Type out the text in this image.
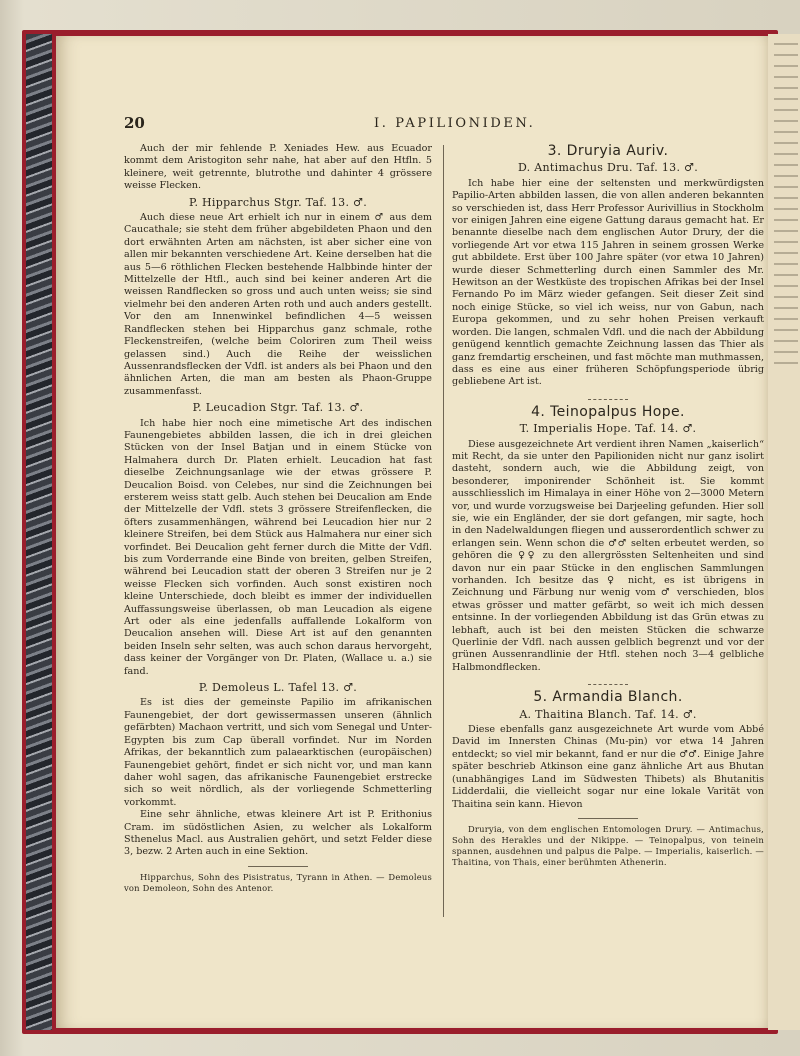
20	I. PAPILIONIDEN.

Auch der mir fehlende P. Xeniades Hew. aus Ecuador kommt dem Aristogiton sehr nahe, hat aber auf den Htfln. 5 kleinere, weit getrennte, blutrothe und dahinter 4 grössere weisse Flecken.

P. Hipparchus Stgr. Taf. 13. ♂.

Auch diese neue Art erhielt ich nur in einem ♂ aus dem Caucathale; sie steht dem früher abgebildeten Phaon und den dort erwähnten Arten am nächsten, ist aber sicher eine von allen mir bekannten verschiedene Art. Keine derselben hat die aus 5—6 röthlichen Flecken bestehende Halbbinde hinter der Mittelzelle der Htfl., auch sind bei keiner anderen Art die weissen Randflecken so gross und auch unten weiss; sie sind vielmehr bei den anderen Arten roth und auch anders gestellt. Vor den am Innenwinkel befindlichen 4—5 weissen Randflecken stehen bei Hipparchus ganz schmale, rothe Fleckenstreifen, (welche beim Coloriren zum Theil weiss gelassen sind.) Auch die Reihe der weisslichen Aussenrandsflecken der Vdfl. ist anders als bei Phaon und den ähnlichen Arten, die man am besten als Phaon-Gruppe zusammenfasst.

P. Leucadion Stgr. Taf. 13. ♂.

Ich habe hier noch eine mimetische Art des indischen Faunengebietes abbilden lassen, die ich in drei gleichen Stücken von der Insel Batjan und in einem Stücke von Halmahera durch Dr. Platen erhielt. Leucadion hat fast dieselbe Zeichnungsanlage wie der etwas grössere P. Deucalion Boisd. von Celebes, nur sind die Zeichnungen bei ersterem weiss statt gelb. Auch stehen bei Deucalion am Ende der Mittelzelle der Vdfl. stets 3 grössere Streifenflecken, die öfters zusammenhängen, während bei Leucadion hier nur 2 kleinere Streifen, bei dem Stück aus Halmahera nur einer sich vorfindet. Bei Deucalion geht ferner durch die Mitte der Vdfl. bis zum Vorderrande eine Binde von breiten, gelben Streifen, während bei Leucadion statt der oberen 3 Streifen nur je 2 weisse Flecken sich vorfinden. Auch sonst existiren noch kleine Unterschiede, doch bleibt es immer der individuellen Auffassungsweise überlassen, ob man Leucadion als eigene Art oder als eine jedenfalls auffallende Lokalform von Deucalion ansehen will. Diese Art ist auf den genannten beiden Inseln sehr selten, was auch schon daraus hervorgeht, dass keiner der Vorgänger von Dr. Platen, (Wallace u. a.) sie fand.

P. Demoleus L. Tafel 13. ♂.

Es ist dies der gemeinste Papilio im afrikanischen Faunengebiet, der dort gewissermassen unseren (ähnlich gefärbten) Machaon vertritt, und sich vom Senegal und Unter-Egypten bis zum Cap überall vorfindet. Nur im Norden Afrikas, der bekanntlich zum palaearktischen (europäischen) Faunengebiet gehört, findet er sich nicht vor, und man kann daher wohl sagen, das afrikanische Faunengebiet erstrecke sich so weit nördlich, als der vorliegende Schmetterling vorkommt.

Eine sehr ähnliche, etwas kleinere Art ist P. Erithonius Cram. im südöstlichen Asien, zu welcher als Lokalform Sthenelus Macl. aus Australien gehört, und setzt Felder diese 3, bezw. 2 Arten auch in eine Sektion.

Hipparchus, Sohn des Pisistratus, Tyrann in Athen. — Demoleus von Demoleon, Sohn des Antenor.

3. Druryia Auriv.
D. Antimachus Dru. Taf. 13. ♂.

Ich habe hier eine der seltensten und merkwürdigsten Papilio-Arten abbilden lassen, die von allen anderen bekannten so verschieden ist, dass Herr Professor Aurivillius in Stockholm vor einigen Jahren eine eigene Gattung daraus gemacht hat. Er benannte dieselbe nach dem englischen Autor Drury, der die vorliegende Art vor etwa 115 Jahren in seinem grossen Werke gut abbildete. Erst über 100 Jahre später (vor etwa 10 Jahren) wurde dieser Schmetterling durch einen Sammler des Mr. Hewitson an der Westküste des tropischen Afrikas bei der Insel Fernando Po im März wieder gefangen. Seit dieser Zeit sind noch einige Stücke, so viel ich weiss, nur von Gabun, nach Europa gekommen, und zu sehr hohen Preisen verkauft worden. Die langen, schmalen Vdfl. und die nach der Abbildung genügend kenntlich gemachte Zeichnung lassen das Thier als ganz fremdartig erscheinen, und fast möchte man muthmassen, dass es eine aus einer früheren Schöpfungsperiode übrig gebliebene Art ist.

4. Teinopalpus Hope.
T. Imperialis Hope. Taf. 14. ♂.

Diese ausgezeichnete Art verdient ihren Namen „kaiserlich“ mit Recht, da sie unter den Papilioniden nicht nur ganz isolirt dasteht, sondern auch, wie die Abbildung zeigt, von besonderer, imponirender Schönheit ist. Sie kommt ausschliesslich im Himalaya in einer Höhe von 2—3000 Metern vor, und wurde vorzugsweise bei Darjeeling gefunden. Hier soll sie, wie ein Engländer, der sie dort gefangen, mir sagte, hoch in den Nadelwaldungen fliegen und ausserordentlich schwer zu erlangen sein. Wenn schon die ♂♂ selten erbeutet werden, so gehören die ♀♀ zu den allergrössten Seltenheiten und sind davon nur ein paar Stücke in den englischen Sammlungen vorhanden. Ich besitze das ♀ nicht, es ist übrigens in Zeichnung und Färbung nur wenig vom ♂ verschieden, blos etwas grösser und matter gefärbt, so weit ich mich dessen entsinne. In der vorliegenden Abbildung ist das Grün etwas zu lebhaft, auch ist bei den meisten Stücken die schwarze Querlinie der Vdfl. nach aussen gelblich begrenzt und vor der grünen Aussenrandlinie der Htfl. stehen noch 3—4 gelbliche Halbmondflecken.

5. Armandia Blanch.
A. Thaitina Blanch. Taf. 14. ♂.

Diese ebenfalls ganz ausgezeichnete Art wurde vom Abbé David im Innersten Chinas (Mu-pin) vor etwa 14 Jahren entdeckt; so viel mir bekannt, fand er nur die ♂♂. Einige Jahre später beschrieb Atkinson eine ganz ähnliche Art aus Bhutan (unabhängiges Land im Südwesten Thibets) als Bhutanitis Lidderdalii, die vielleicht sogar nur eine lokale Varität von Thaitina sein kann. Hievon

Druryia, von dem englischen Entomologen Drury. — Antimachus, Sohn des Herakles und der Nikippe. — Teinopalpus, von teinein spannen, ausdehnen und palpus die Palpe. — Imperialis, kaiserlich. — Thaitina, von Thais, einer berühmten Athenerin.
